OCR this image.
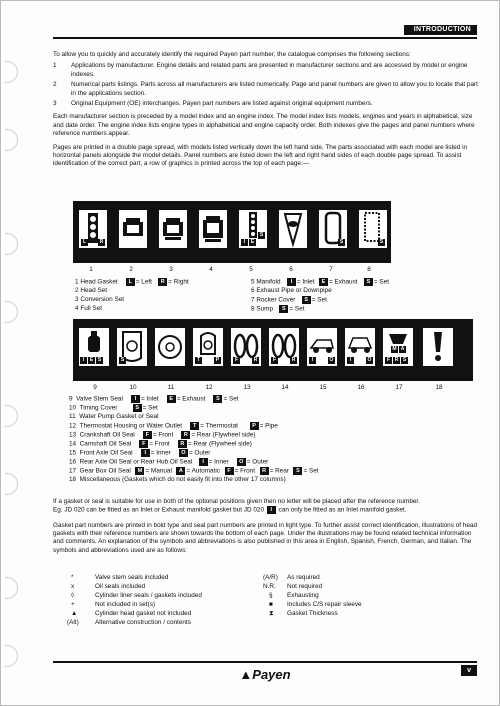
INTRODUCTION

To allow you to quickly and accurately identify the required Payen part number, the catalogue comprises the following sections:

1	Applications by manufacturer. Engine details and related parts are presented in manufacturer sections and are accessed by model or engine indexes.
2	Numerical parts listings. Parts across all manufacturers are listed numerically. Page and panel numbers are given to allow you to locate that part in the applications section.
3	Original Equipment (OE) interchanges. Payen part numbers are listed against original equipment numbers.

Each manufacturer section is preceded by a model index and an engine index. The model index lists models, engines and years in alphabetical, size and date order. The engine index lists engine types in alphabetical and engine capacity order. Both indexes give the pages and panel numbers where reference numbers appear.

Pages are printed in a double page spread, with models listed vertically down the left hand side. The parts associated with each model are listed in horizontal panels alongside the model details. Panel numbers are listed down the left and right hand sides of each double page spread. To assist identification of the correct part, a row of graphics is printed across the top of each page:—

L	R	I	E
S
S	S
1	2	3	4	5	6	7	8
1 Head Gasket L = Left R = Right
2 Head Set
3 Conversion Set
4 Full Set
5 Manifold I = Inlet E = Exhaust S = Set
6 Exhaust Pipe or Downpipe
7 Rocker Cover S = Set
8 Sump S = Set
I	E S	S	T	P	F	R	F	R	I	O	I	O
M A
F R S
9	10	11	12	13	14	15	16	17	18
9 Valve Stem Seal I = Inlet E = Exhaust S = Set
10 Timing Cover	S = Set
11 Water Pump Gasket or Seal
12 Thermostat Housing or Water Outlet T = Thermostat	P = Pipe
13 Crankshaft Oil Seal F = Front R = Rear (Flywheel side)
14 Camshaft Oil Seal F = Front R = Rear (Flywheel side)
15 Front Axle Oil Seal I = Inner O = Outer
16 Rear Axle Oil Seal or Rear Hub Oil Seal I = Inner O = Outer
17 Gear Box Oil Seal M = Manual A = Automatic F = Front R = Rear S = Set
18 Miscellaneous (Gaskets which do not easily fit into the other 17 columns)
If a gasket or seal is suitable for use in both of the optional positions given then no letter will be placed after the reference number.
Eg. JD 020 can be fitted as an Inlet or Exhaust manifold gasket but JD 020 I can only be fitted as an Inlet manifold gasket.
Gasket part numbers are printed in bold type and seal part numbers are printed in light type. To further assist correct identification, illustrations of head gaskets with their reference numbers are shown towards the bottom of each page. Under the illustrations may be found related technical information and comments. An explanation of the symbols and abbreviations is also published in this area in English, Spanish, French, German, and Italian. The symbols and abbreviations used are as follows:
*	Valve stem seals included
x	Oil seals included
◊	Cylinder liner seals / gaskets included
+	Not included in set(s)
▲	Cylinder head gasket not included
(Alt)	Alternative construction / contents
(A/R) As required
N.R. Not required
§ Exhausting
■ Includes C/S repair sleeve
⧗ Gasket Thickness
▲Payen	v
